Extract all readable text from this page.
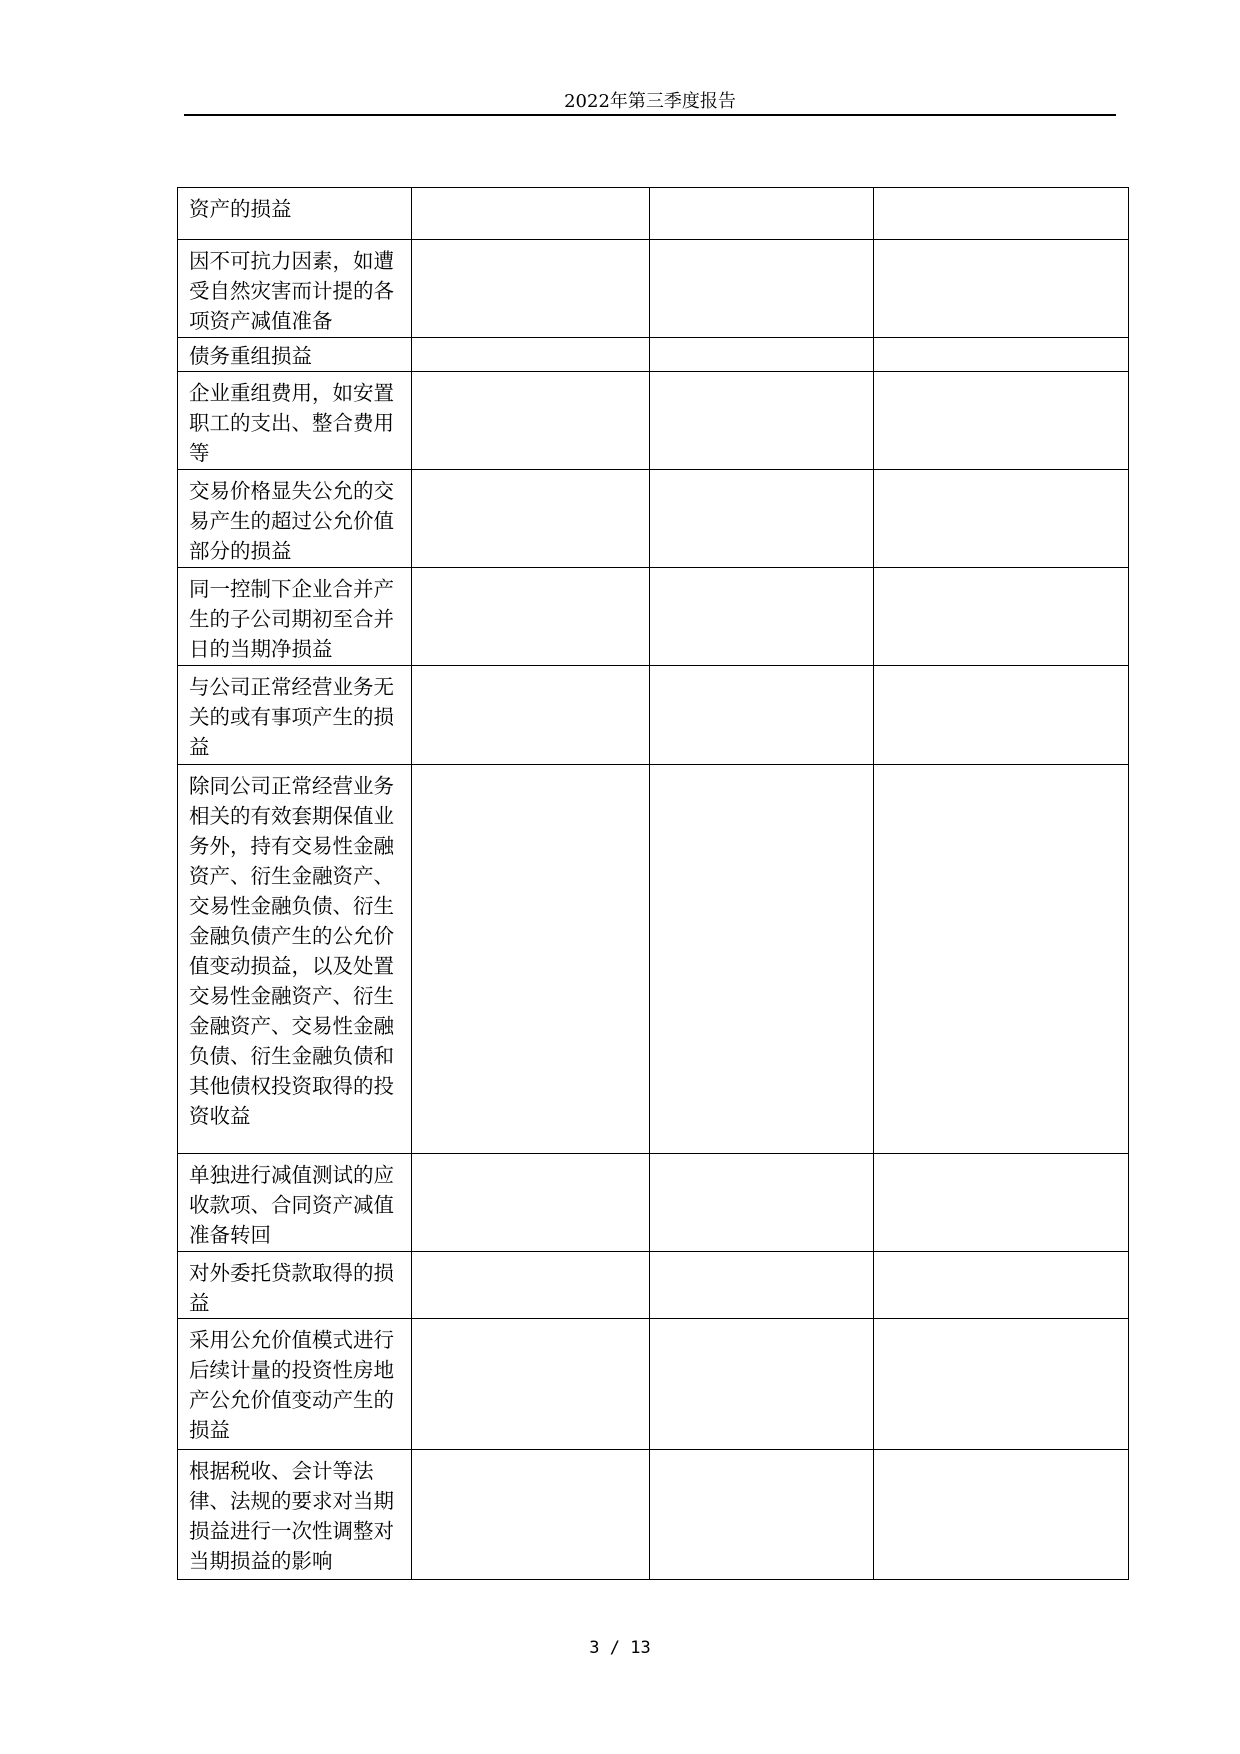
2022年第三季度报告
资产的损益			
因不可抗力因素，如遭受自然灾害而计提的各项资产减值准备			
债务重组损益			
企业重组费用，如安置职工的支出、整合费用等			
交易价格显失公允的交易产生的超过公允价值部分的损益			
同一控制下企业合并产生的子公司期初至合并日的当期净损益			
与公司正常经营业务无关的或有事项产生的损益			
除同公司正常经营业务相关的有效套期保值业务外，持有交易性金融资产、衍生金融资产、交易性金融负债、衍生金融负债产生的公允价值变动损益，以及处置交易性金融资产、衍生金融资产、交易性金融负债、衍生金融负债和其他债权投资取得的投资收益			
单独进行减值测试的应收款项、合同资产减值准备转回			
对外委托贷款取得的损益			
采用公允价值模式进行后续计量的投资性房地产公允价值变动产生的损益			
根据税收、会计等法律、法规的要求对当期损益进行一次性调整对当期损益的影响			
3 / 13
